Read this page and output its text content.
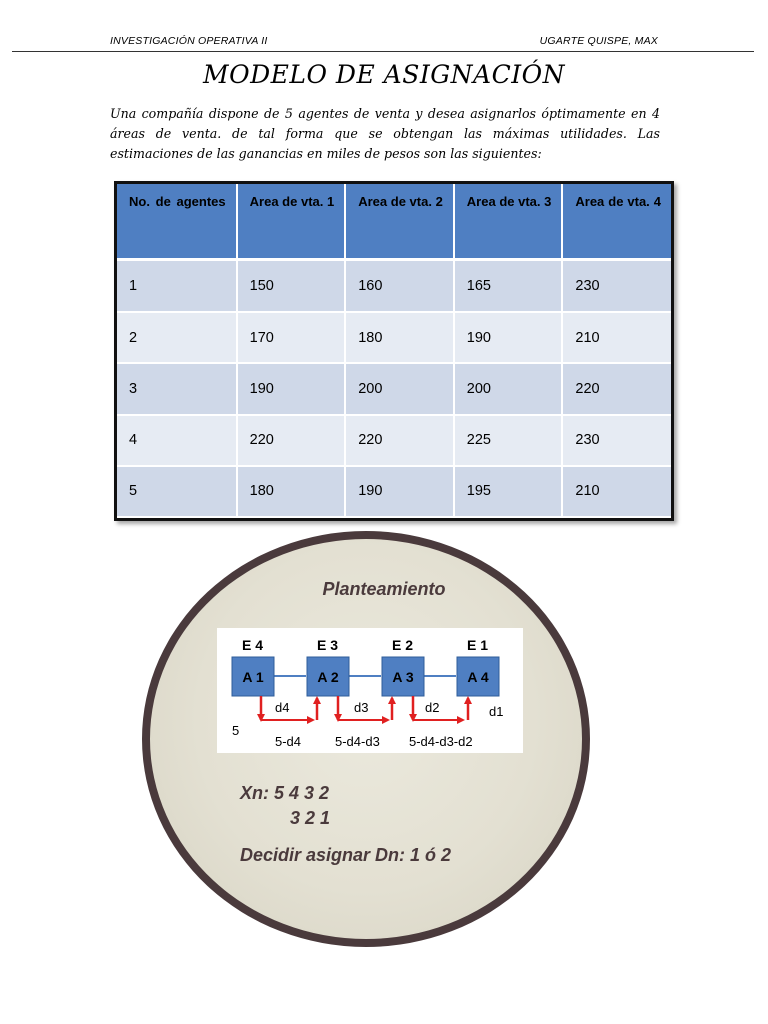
INVESTIGACIÓN OPERATIVA II	UGARTE QUISPE, MAX
MODELO DE ASIGNACIÓN
Una compañía dispone de 5 agentes de venta y desea asignarlos óptimamente en 4 áreas de venta. de tal forma que se obtengan las máximas utilidades. Las estimaciones de las ganancias en miles de pesos son las siguientes:
No. de agentes	Area de vta. 1	Area de vta. 2	Area de vta. 3	Area de vta. 4
1	150	160	165	230
2	170	180	190	210
3	190	200	200	220
4	220	220	225	230
5	180	190	195	210
Planteamiento
E 4	E 3	E 2	E 1
A 1	A 2	A 3	A 4
d4	d3	d2	d1
5
5-d4	5-d4-d3 5-d4-d3-d2
Xn: 5 4 3 2
3 2 1
Decidir asignar Dn: 1 ó 2
